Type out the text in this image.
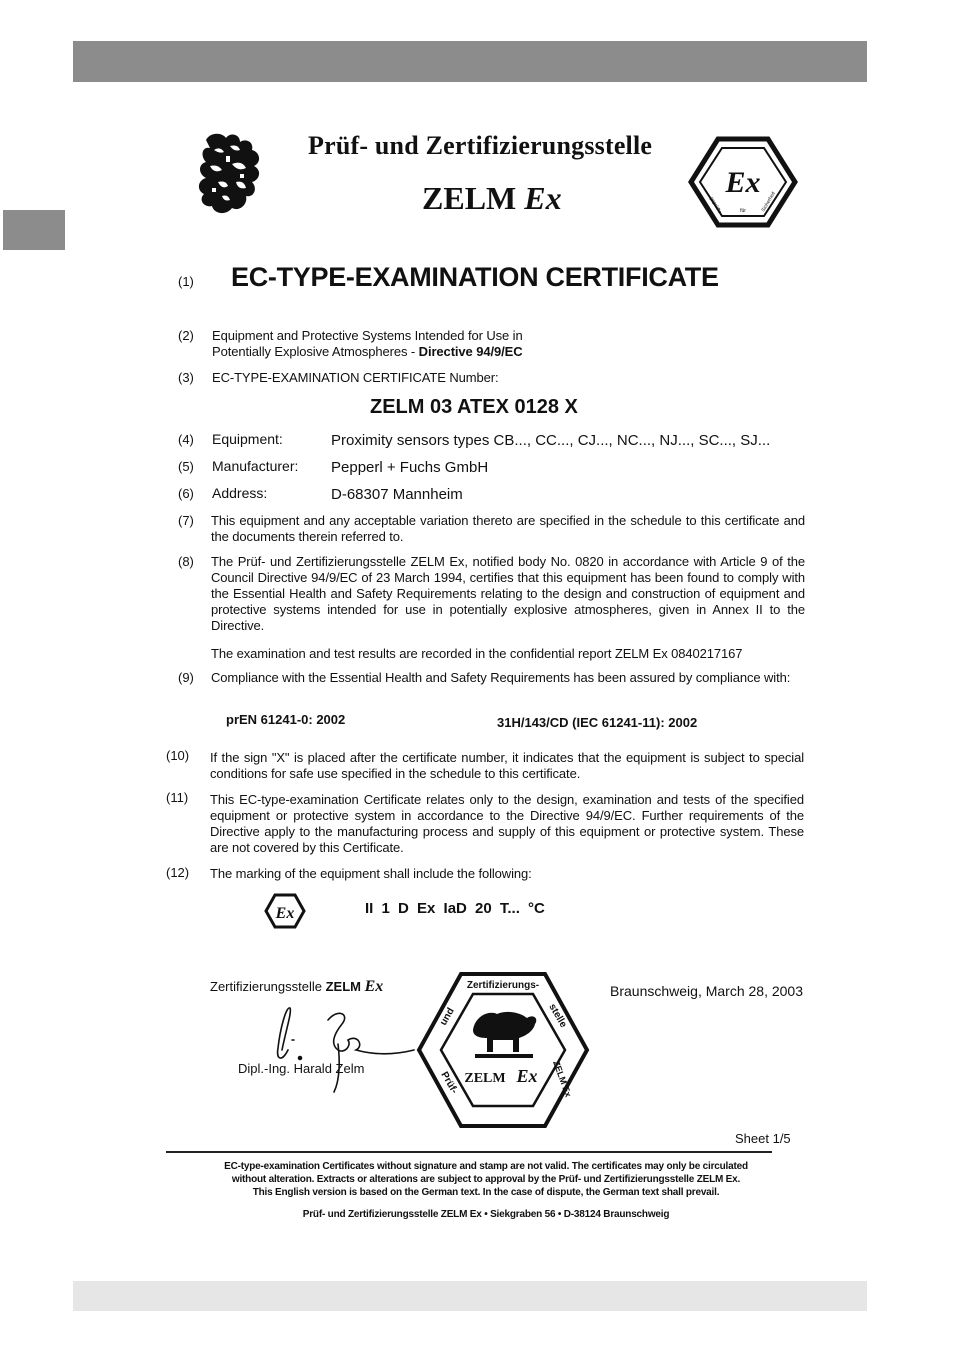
Prüf- und Zertifizierungsstelle
ZELM Ex	Ex
geprüfte	für	Sicherheit
(1) EC-TYPE-EXAMINATION CERTIFICATE
(2) Equipment and Protective Systems Intended for Use in
Potentially Explosive Atmospheres - Directive 94/9/EC
(3) EC-TYPE-EXAMINATION CERTIFICATE Number:
ZELM 03 ATEX 0128 X
(4) Equipment:	Proximity sensors types CB..., CC..., CJ..., NC..., NJ..., SC..., SJ...
(5) Manufacturer: Pepperl + Fuchs GmbH
(6) Address:	D-68307 Mannheim
(7) This equipment and any acceptable variation thereto are specified in the schedule to this certificate and the documents therein referred to.
(8) The Prüf- und Zertifizierungsstelle ZELM Ex, notified body No. 0820 in accordance with Article 9 of the Council Directive 94/9/EC of 23 March 1994, certifies that this equipment has been found to comply with the Essential Health and Safety Requirements relating to the design and construction of equipment and protective systems intended for use in potentially explosive atmospheres, given in Annex II to the Directive.
The examination and test results are recorded in the confidential report ZELM Ex 0840217167
(9) Compliance with the Essential Health and Safety Requirements has been assured by compliance with:
prEN 61241-0: 2002	31H/143/CD (IEC 61241-11): 2002
(10) If the sign "X" is placed after the certificate number, it indicates that the equipment is subject to special conditions for safe use specified in the schedule to this certificate.
(11) This EC-type-examination Certificate relates only to the design, examination and tests of the specified equipment or protective system in accordance to the Directive 94/9/EC. Further requirements of the Directive apply to the manufacturing process and supply of this equipment or protective system. These are not covered by this Certificate.
(12) The marking of the equipment shall include the following:
Ex	II 1 D Ex IaD 20 T... °C
Zertifizierungsstelle ZELM Ex
Dipl.-Ing. Harald Zelm
Zertifizierungs-
und	stelle
Prüf-	ZELM Ex
ZELM Ex
Braunschweig, March 28, 2003
Sheet 1/5
EC-type-examination Certificates without signature and stamp are not valid. The certificates may only be circulated
without alteration. Extracts or alterations are subject to approval by the Prüf- und Zertifizierungsstelle ZELM Ex.
This English version is based on the German text. In the case of dispute, the German text shall prevail.
Prüf- und Zertifizierungsstelle ZELM Ex • Siekgraben 56 • D-38124 Braunschweig
